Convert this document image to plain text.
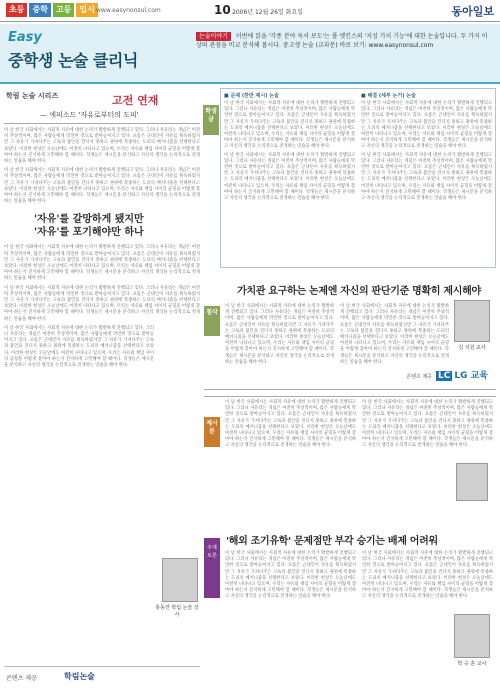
초등	중학	고등	입시 www.easynonsul.com	10 2006년 12월 26일 화요일	동아일보
Easy
중학생 논술 클리닉
논술이야기 이번에 읽을 '각종 분야 독서 보도'는 폴 엣킨스의 '지성 가치 기능'에 대한 논술입니다. 두 가지 이상의 관점을 비교 분석해 봅시다. 중고생 논술 (교과문) 바로 보기: www.easynonsul.com
학림 논술 시리즈	고전 연재
— 에피소드 '자유로부터의 도피'
이 날 한국 사회에서는 사회적 자유에 대한 논의가 활발하게 진행되고 있다. 그러나 자유라는 개념은 여전히 추상적이며, 많은 사람들에게 막연한 것으로 받아들여지고 있다. 프롬은 근대인이 자유를 획득하였지만 그 자유가 가져다주는 고독과 불안을 견디지 못하고 권위에 복종하는 도피의 메커니즘을 선택한다고 보았다. 이러한 현상은 오늘날에도 여전히 나타나고 있으며, 우리는 자유와 책임 사이의 균형을 어떻게 찾아야 하는지 진지하게 고민해야 할 때이다. 학생들은 제시문을 분석하고 자신의 생각을 논리적으로 전개하는 연습을 해야 한다.
이 날 한국 사회에서는 사회적 자유에 대한 논의가 활발하게 진행되고 있다. 그러나 자유라는 개념은 여전히 추상적이며, 많은 사람들에게 막연한 것으로 받아들여지고 있다. 프롬은 근대인이 자유를 획득하였지만 그 자유가 가져다주는 고독과 불안을 견디지 못하고 권위에 복종하는 도피의 메커니즘을 선택한다고 보았다. 이러한 현상은 오늘날에도 여전히 나타나고 있으며, 우리는 자유와 책임 사이의 균형을 어떻게 찾아야 하는지 진지하게 고민해야 할 때이다. 학생들은 제시문을 분석하고 자신의 생각을 논리적으로 전개하는 연습을 해야 한다.
'자유'를 갈망하게 됐지만
'자유'를 포기해야만 하나
이 날 한국 사회에서는 사회적 자유에 대한 논의가 활발하게 진행되고 있다. 그러나 자유라는 개념은 여전히 추상적이며, 많은 사람들에게 막연한 것으로 받아들여지고 있다. 프롬은 근대인이 자유를 획득하였지만 그 자유가 가져다주는 고독과 불안을 견디지 못하고 권위에 복종하는 도피의 메커니즘을 선택한다고 보았다. 이러한 현상은 오늘날에도 여전히 나타나고 있으며, 우리는 자유와 책임 사이의 균형을 어떻게 찾아야 하는지 진지하게 고민해야 할 때이다. 학생들은 제시문을 분석하고 자신의 생각을 논리적으로 전개하는 연습을 해야 한다.
이 날 한국 사회에서는 사회적 자유에 대한 논의가 활발하게 진행되고 있다. 그러나 자유라는 개념은 여전히 추상적이며, 많은 사람들에게 막연한 것으로 받아들여지고 있다. 프롬은 근대인이 자유를 획득하였지만 그 자유가 가져다주는 고독과 불안을 견디지 못하고 권위에 복종하는 도피의 메커니즘을 선택한다고 보았다. 이러한 현상은 오늘날에도 여전히 나타나고 있으며, 우리는 자유와 책임 사이의 균형을 어떻게 찾아야 하는지 진지하게 고민해야 할 때이다. 학생들은 제시문을 분석하고 자신의 생각을 논리적으로 전개하는 연습을 해야 한다.
이 날 한국 사회에서는 사회적 자유에 대한 논의가 활발하게 진행되고 있다. 그러나 자유라는 개념은 여전히 추상적이며, 많은 사람들에게 막연한 것으로 받아들여지고 있다. 프롬은 근대인이 자유를 획득하였지만 그 자유가 가져다주는 고독과 불안을 견디지 못하고 권위에 복종하는 도피의 메커니즘을 선택한다고 보았다. 이러한 현상은 오늘날에도 여전히 나타나고 있으며, 우리는 자유와 책임 사이의 균형을 어떻게 찾아야 하는지 진지하게 고민해야 할 때이다. 학생들은 제시문을 분석하고 자신의 생각을 논리적으로 전개하는 연습을 해야 한다.
홍동연 학림 논술 강사
콘텐츠 제공	학림논술
학생글
■ 문제 (찬반 제시) 논술
이 날 한국 사회에서는 사회적 자유에 대한 논의가 활발하게 진행되고 있다. 그러나 자유라는 개념은 여전히 추상적이며, 많은 사람들에게 막연한 것으로 받아들여지고 있다. 프롬은 근대인이 자유를 획득하였지만 그 자유가 가져다주는 고독과 불안을 견디지 못하고 권위에 복종하는 도피의 메커니즘을 선택한다고 보았다. 이러한 현상은 오늘날에도 여전히 나타나고 있으며, 우리는 자유와 책임 사이의 균형을 어떻게 찾아야 하는지 진지하게 고민해야 할 때이다. 학생들은 제시문을 분석하고 자신의 생각을 논리적으로 전개하는 연습을 해야 한다.
이 날 한국 사회에서는 사회적 자유에 대한 논의가 활발하게 진행되고 있다. 그러나 자유라는 개념은 여전히 추상적이며, 많은 사람들에게 막연한 것으로 받아들여지고 있다. 프롬은 근대인이 자유를 획득하였지만 그 자유가 가져다주는 고독과 불안을 견디지 못하고 권위에 복종하는 도피의 메커니즘을 선택한다고 보았다. 이러한 현상은 오늘날에도 여전히 나타나고 있으며, 우리는 자유와 책임 사이의 균형을 어떻게 찾아야 하는지 진지하게 고민해야 할 때이다. 학생들은 제시문을 분석하고 자신의 생각을 논리적으로 전개하는 연습을 해야 한다.
■ 해결 (세부 논거) 논술
이 날 한국 사회에서는 사회적 자유에 대한 논의가 활발하게 진행되고 있다. 그러나 자유라는 개념은 여전히 추상적이며, 많은 사람들에게 막연한 것으로 받아들여지고 있다. 프롬은 근대인이 자유를 획득하였지만 그 자유가 가져다주는 고독과 불안을 견디지 못하고 권위에 복종하는 도피의 메커니즘을 선택한다고 보았다. 이러한 현상은 오늘날에도 여전히 나타나고 있으며, 우리는 자유와 책임 사이의 균형을 어떻게 찾아야 하는지 진지하게 고민해야 할 때이다. 학생들은 제시문을 분석하고 자신의 생각을 논리적으로 전개하는 연습을 해야 한다.
이 날 한국 사회에서는 사회적 자유에 대한 논의가 활발하게 진행되고 있다. 그러나 자유라는 개념은 여전히 추상적이며, 많은 사람들에게 막연한 것으로 받아들여지고 있다. 프롬은 근대인이 자유를 획득하였지만 그 자유가 가져다주는 고독과 불안을 견디지 못하고 권위에 복종하는 도피의 메커니즘을 선택한다고 보았다. 이러한 현상은 오늘날에도 여전히 나타나고 있으며, 우리는 자유와 책임 사이의 균형을 어떻게 찾아야 하는지 진지하게 고민해야 할 때이다. 학생들은 제시문을 분석하고 자신의 생각을 논리적으로 전개하는 연습을 해야 한다.
첨삭
가치관 요구하는 논제엔 자신의 판단기준 명확히 제시해야
이 날 한국 사회에서는 사회적 자유에 대한 논의가 활발하게 진행되고 있다. 그러나 자유라는 개념은 여전히 추상적이며, 많은 사람들에게 막연한 것으로 받아들여지고 있다. 프롬은 근대인이 자유를 획득하였지만 그 자유가 가져다주는 고독과 불안을 견디지 못하고 권위에 복종하는 도피의 메커니즘을 선택한다고 보았다. 이러한 현상은 오늘날에도 여전히 나타나고 있으며, 우리는 자유와 책임 사이의 균형을 어떻게 찾아야 하는지 진지하게 고민해야 할 때이다. 학생들은 제시문을 분석하고 자신의 생각을 논리적으로 전개하는 연습을 해야 한다.
이 날 한국 사회에서는 사회적 자유에 대한 논의가 활발하게 진행되고 있다. 그러나 자유라는 개념은 여전히 추상적이며, 많은 사람들에게 막연한 것으로 받아들여지고 있다. 프롬은 근대인이 자유를 획득하였지만 그 자유가 가져다주는 고독과 불안을 견디지 못하고 권위에 복종하는 도피의 메커니즘을 선택한다고 보았다. 이러한 현상은 오늘날에도 여전히 나타나고 있으며, 우리는 자유와 책임 사이의 균형을 어떻게 찾아야 하는지 진지하게 고민해야 할 때이다. 학생들은 제시문을 분석하고 자신의 생각을 논리적으로 전개하는 연습을 해야 한다.
김 지원 교사
콘텐츠 제공 LC LG 교육
제시문
이 날 한국 사회에서는 사회적 자유에 대한 논의가 활발하게 진행되고 있다. 그러나 자유라는 개념은 여전히 추상적이며, 많은 사람들에게 막연한 것으로 받아들여지고 있다. 프롬은 근대인이 자유를 획득하였지만 그 자유가 가져다주는 고독과 불안을 견디지 못하고 권위에 복종하는 도피의 메커니즘을 선택한다고 보았다. 이러한 현상은 오늘날에도 여전히 나타나고 있으며, 우리는 자유와 책임 사이의 균형을 어떻게 찾아야 하는지 진지하게 고민해야 할 때이다. 학생들은 제시문을 분석하고 자신의 생각을 논리적으로 전개하는 연습을 해야 한다.
이 날 한국 사회에서는 사회적 자유에 대한 논의가 활발하게 진행되고 있다. 그러나 자유라는 개념은 여전히 추상적이며, 많은 사람들에게 막연한 것으로 받아들여지고 있다. 프롬은 근대인이 자유를 획득하였지만 그 자유가 가져다주는 고독과 불안을 견디지 못하고 권위에 복종하는 도피의 메커니즘을 선택한다고 보았다. 이러한 현상은 오늘날에도 여전히 나타나고 있으며, 우리는 자유와 책임 사이의 균형을 어떻게 찾아야 하는지 진지하게 고민해야 할 때이다. 학생들은 제시문을 분석하고 자신의 생각을 논리적으로 전개하는 연습을 해야 한다.
주제 토론
'해외 조기유학' 문제점만 부각 승기는 배제 어려워
이 날 한국 사회에서는 사회적 자유에 대한 논의가 활발하게 진행되고 있다. 그러나 자유라는 개념은 여전히 추상적이며, 많은 사람들에게 막연한 것으로 받아들여지고 있다. 프롬은 근대인이 자유를 획득하였지만 그 자유가 가져다주는 고독과 불안을 견디지 못하고 권위에 복종하는 도피의 메커니즘을 선택한다고 보았다. 이러한 현상은 오늘날에도 여전히 나타나고 있으며, 우리는 자유와 책임 사이의 균형을 어떻게 찾아야 하는지 진지하게 고민해야 할 때이다. 학생들은 제시문을 분석하고 자신의 생각을 논리적으로 전개하는 연습을 해야 한다.
이 날 한국 사회에서는 사회적 자유에 대한 논의가 활발하게 진행되고 있다. 그러나 자유라는 개념은 여전히 추상적이며, 많은 사람들에게 막연한 것으로 받아들여지고 있다. 프롬은 근대인이 자유를 획득하였지만 그 자유가 가져다주는 고독과 불안을 견디지 못하고 권위에 복종하는 도피의 메커니즘을 선택한다고 보았다. 이러한 현상은 오늘날에도 여전히 나타나고 있으며, 우리는 자유와 책임 사이의 균형을 어떻게 찾아야 하는지 진지하게 고민해야 할 때이다. 학생들은 제시문을 분석하고 자신의 생각을 논리적으로 전개하는 연습을 해야 한다.
박 승 훈 교사
